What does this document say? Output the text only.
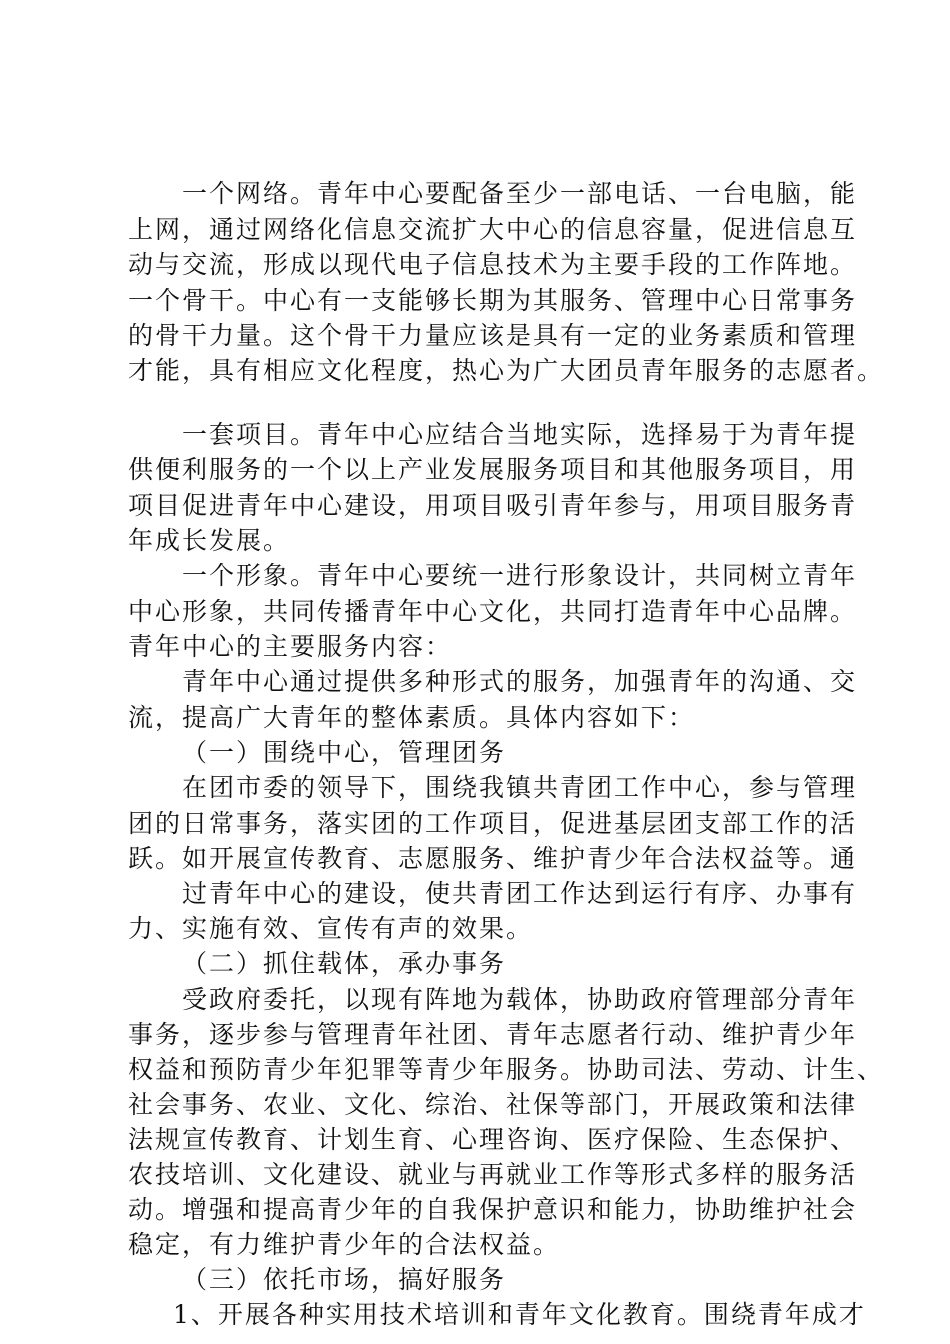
一个网络。青年中心要配备至少一部电话、一台电脑，能
上网，通过网络化信息交流扩大中心的信息容量，促进信息互
动与交流，形成以现代电子信息技术为主要手段的工作阵地。
一个骨干。中心有一支能够长期为其服务、管理中心日常事务
的骨干力量。这个骨干力量应该是具有一定的业务素质和管理
才能，具有相应文化程度，热心为广大团员青年服务的志愿者。
一套项目。青年中心应结合当地实际，选择易于为青年提
供便利服务的一个以上产业发展服务项目和其他服务项目，用
项目促进青年中心建设，用项目吸引青年参与，用项目服务青
年成长发展。
一个形象。青年中心要统一进行形象设计，共同树立青年
中心形象，共同传播青年中心文化，共同打造青年中心品牌。
青年中心的主要服务内容：
青年中心通过提供多种形式的服务，加强青年的沟通、交
流，提高广大青年的整体素质。具体内容如下：
（一）围绕中心，管理团务
在团市委的领导下，围绕我镇共青团工作中心，参与管理
团的日常事务，落实团的工作项目，促进基层团支部工作的活
跃。如开展宣传教育、志愿服务、维护青少年合法权益等。通
过青年中心的建设，使共青团工作达到运行有序、办事有
力、实施有效、宣传有声的效果。
（二）抓住载体，承办事务
受政府委托，以现有阵地为载体，协助政府管理部分青年
事务，逐步参与管理青年社团、青年志愿者行动、维护青少年
权益和预防青少年犯罪等青少年服务。协助司法、劳动、计生、
社会事务、农业、文化、综治、社保等部门，开展政策和法律
法规宣传教育、计划生育、心理咨询、医疗保险、生态保护、
农技培训、文化建设、就业与再就业工作等形式多样的服务活
动。增强和提高青少年的自我保护意识和能力，协助维护社会
稳定，有力维护青少年的合法权益。
（三）依托市场，搞好服务
1、开展各种实用技术培训和青年文化教育。围绕青年成才
